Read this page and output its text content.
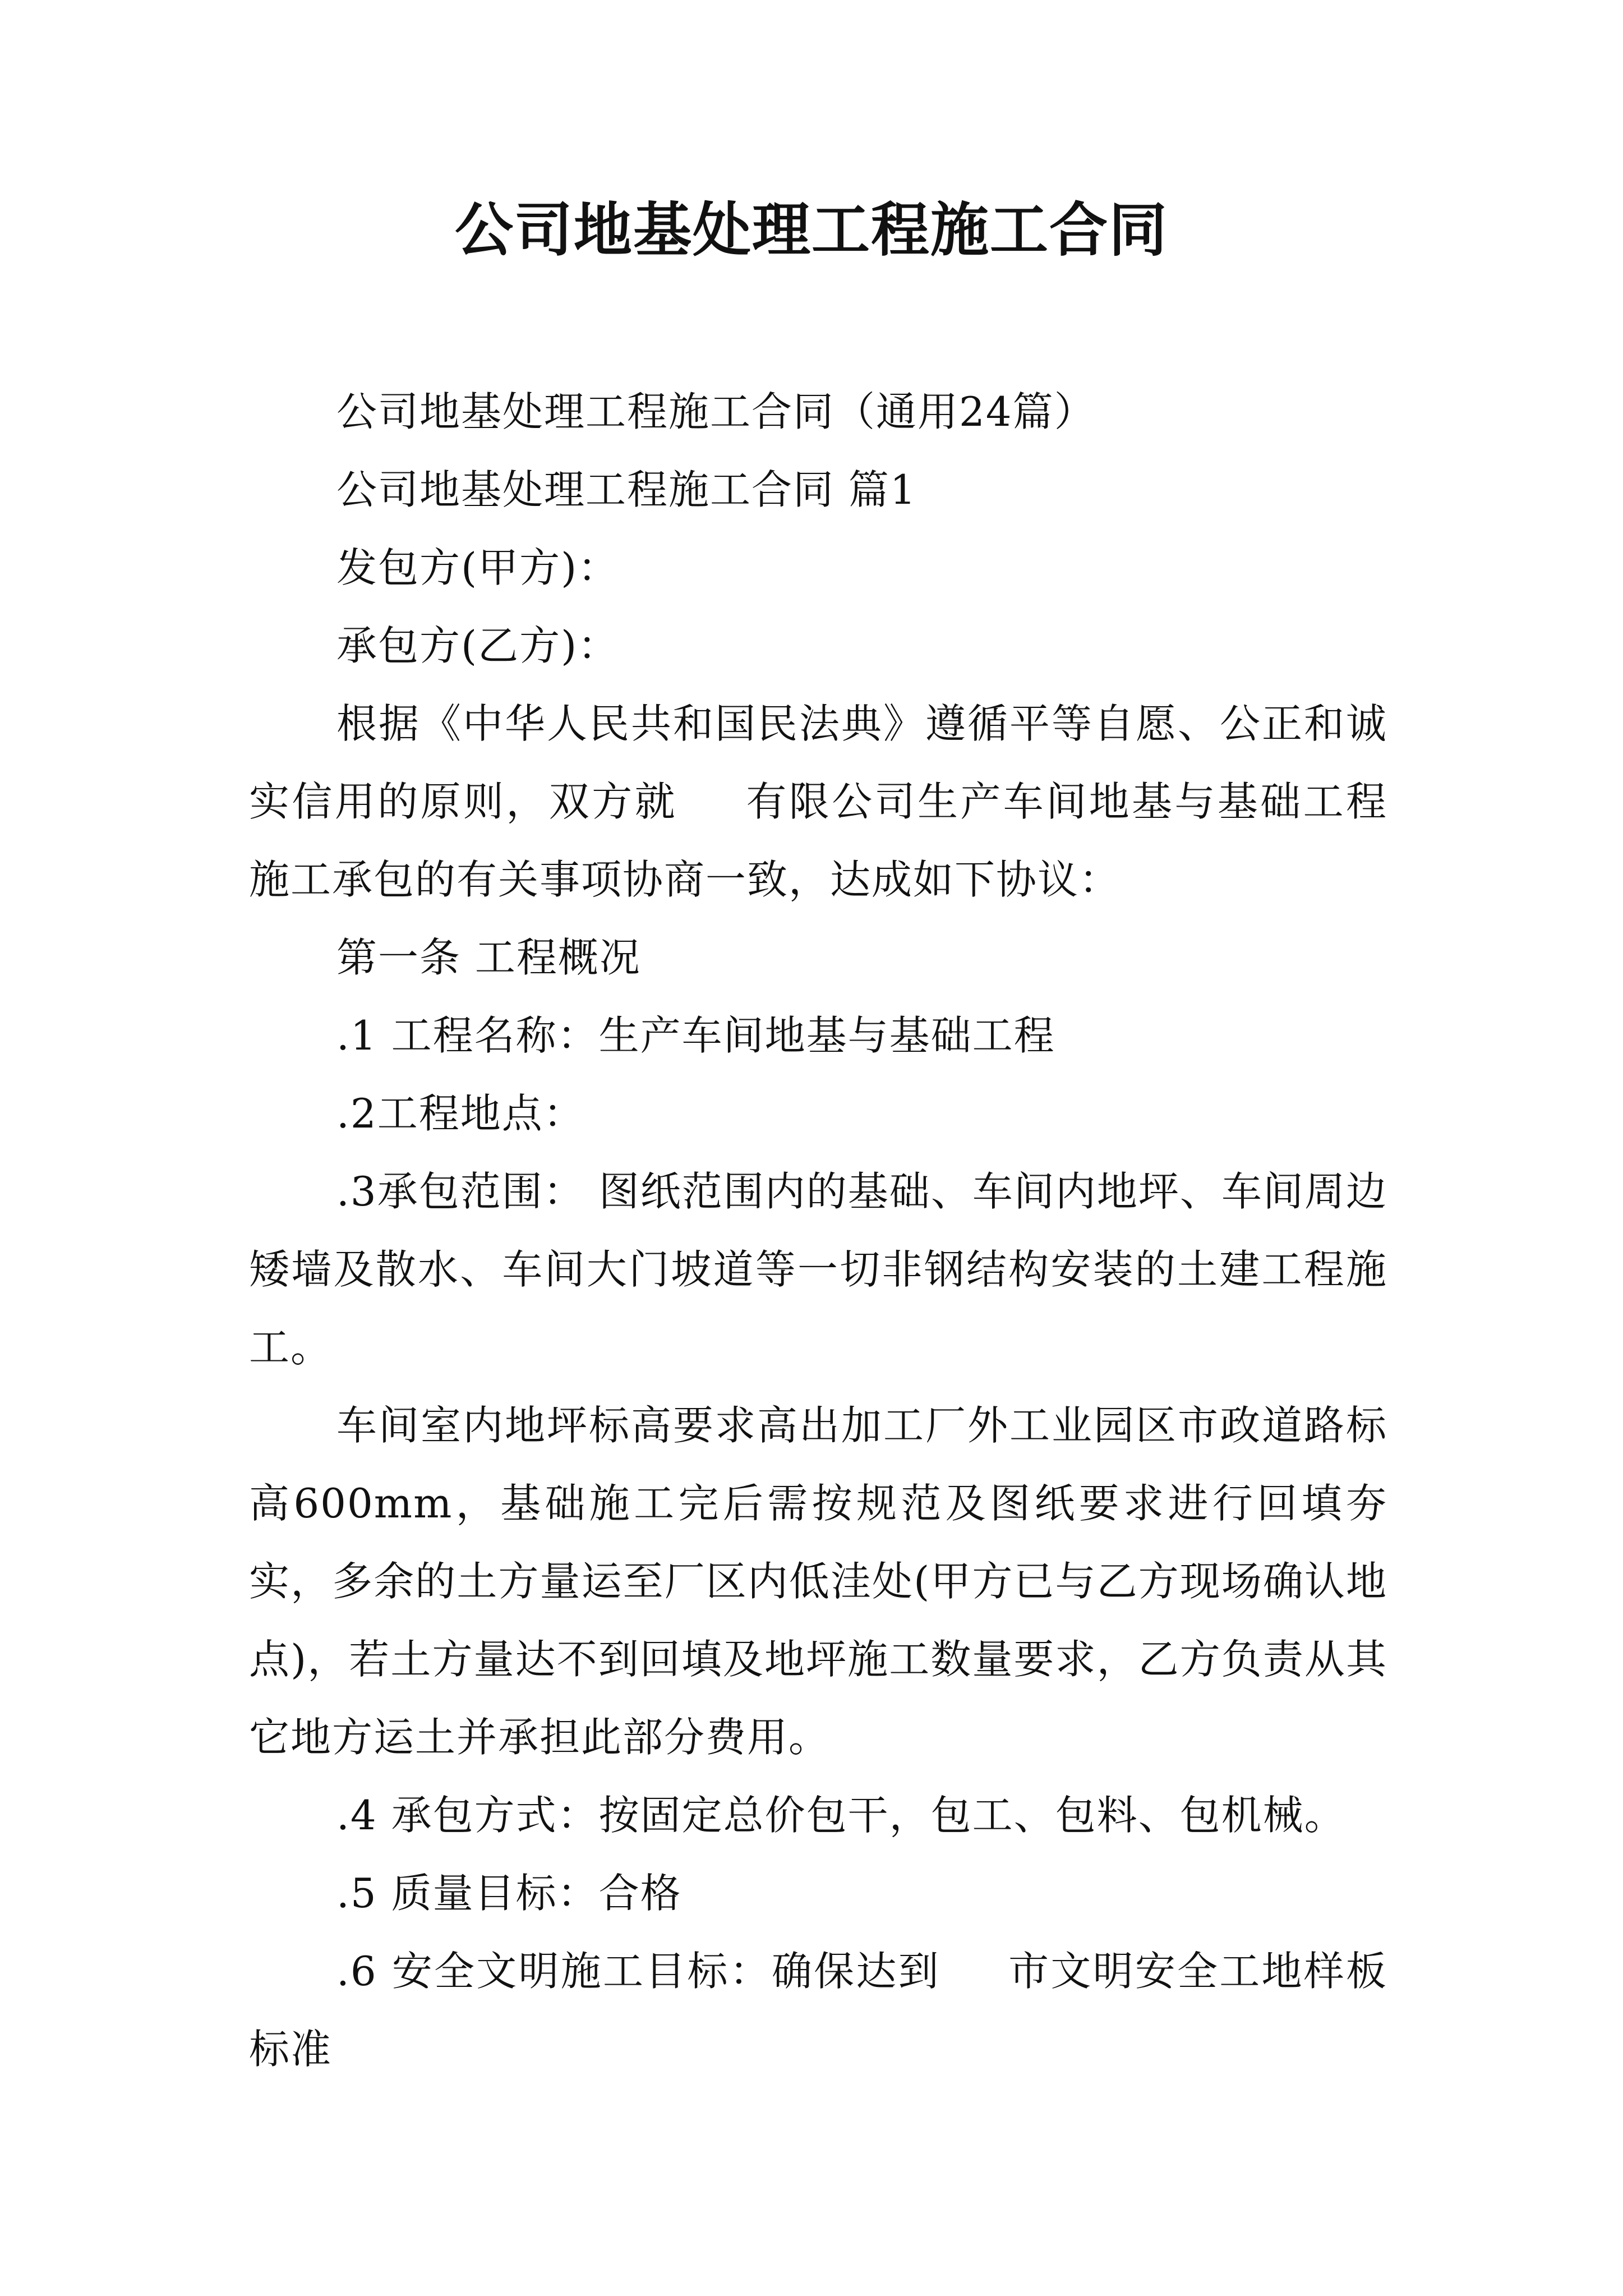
公司地基处理工程施工合同

公司地基处理工程施工合同（通用24篇）

公司地基处理工程施工合同 篇1

发包方(甲方)：

承包方(乙方)：

根据《中华人民共和国民法典》遵循平等自愿、公正和诚实信用的原则，双方就 有限公司生产车间地基与基础工程施工承包的有关事项协商一致，达成如下协议：

第一条 工程概况

.1 工程名称：生产车间地基与基础工程

.2工程地点：

.3承包范围： 图纸范围内的基础、车间内地坪、车间周边矮墙及散水、车间大门坡道等一切非钢结构安装的土建工程施工。

车间室内地坪标高要求高出加工厂外工业园区市政道路标高600mm，基础施工完后需按规范及图纸要求进行回填夯实，多余的土方量运至厂区内低洼处(甲方已与乙方现场确认地点)，若土方量达不到回填及地坪施工数量要求，乙方负责从其它地方运土并承担此部分费用。

.4 承包方式：按固定总价包干，包工、包料、包机械。

.5 质量目标：合格

.6 安全文明施工目标：确保达到 市文明安全工地样板标准
